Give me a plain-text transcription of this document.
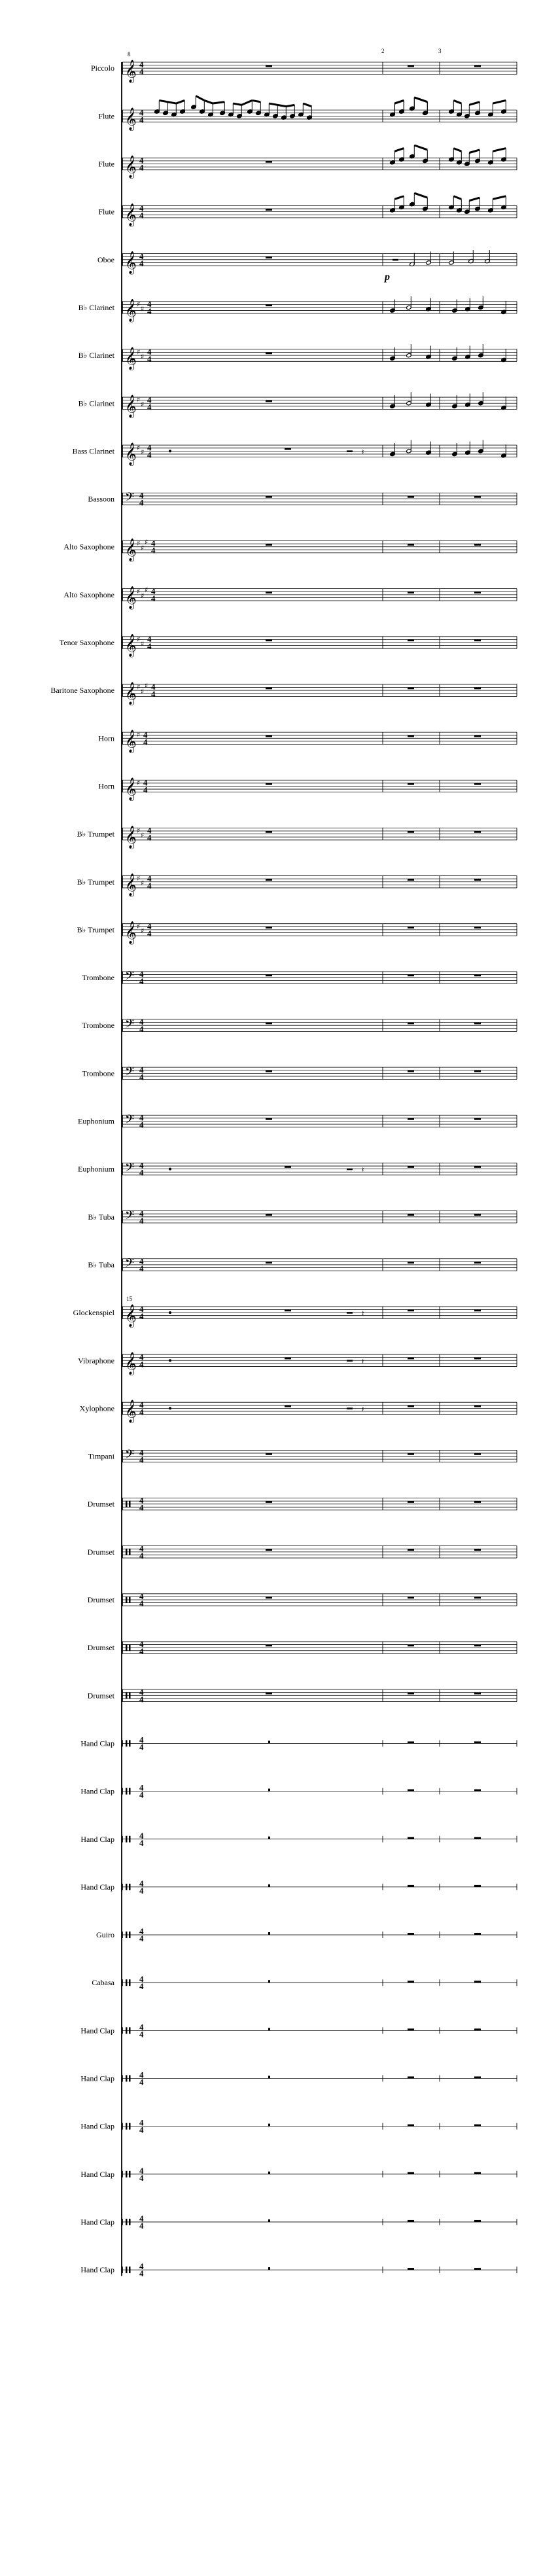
2	3
Piccolo 𝄞
8
4
4
Flute 𝄞 4
4
Flute 𝄞 4
4
Flute 𝄞 4
4
Oboe 𝄞 4
4
B♭ Clarinet 𝄞 ♯
♯ 4
4
B♭ Clarinet 𝄞 ♯
♯ 4
4
B♭ Clarinet 𝄞 ♯
♯ 4
4
Bass Clarinet 𝄞 ♯
♯ 4
4	𝄽
Bassoon 𝄢 4
4
Alto Saxophone 𝄞 ♯
♯
♯ 4
4
Alto Saxophone 𝄞 ♯
♯
♯ 4
4
Tenor Saxophone 𝄞 ♯
♯ 4
4
Baritone Saxophone 𝄞 ♯
♯
♯ 4
4
Horn 𝄞 ♯ 4
4
Horn 𝄞 ♯ 4
4
B♭ Trumpet 𝄞 ♯
♯ 4
4
B♭ Trumpet 𝄞 ♯
♯ 4
4
B♭ Trumpet 𝄞 ♯
♯ 4
4
Trombone 𝄢 4
4
Trombone 𝄢 4
4
Trombone 𝄢 4
4
Euphonium 𝄢 4
4
Euphonium 𝄢 4
4	𝄽
B♭ Tuba 𝄢 4
4
B♭ Tuba 𝄢 4
4
Glockenspiel 𝄞
15
4
4	𝄽
Vibraphone 𝄞 4
4	𝄽
Xylophone 𝄞 4
4	𝄽
Timpani 𝄢 4
4
Drumset	4
4
Drumset	4
4
Drumset	4
4
Drumset	4
4
Drumset	4
4
Hand Clap	4
4
Hand Clap	4
4
Hand Clap	4
4
Hand Clap	4
4
Guiro	4
4
Cabasa	4
4
Hand Clap	4
4
Hand Clap	4
4
Hand Clap	4
4
Hand Clap	4
4
Hand Clap	4
4
Hand Clap	4
4
p
